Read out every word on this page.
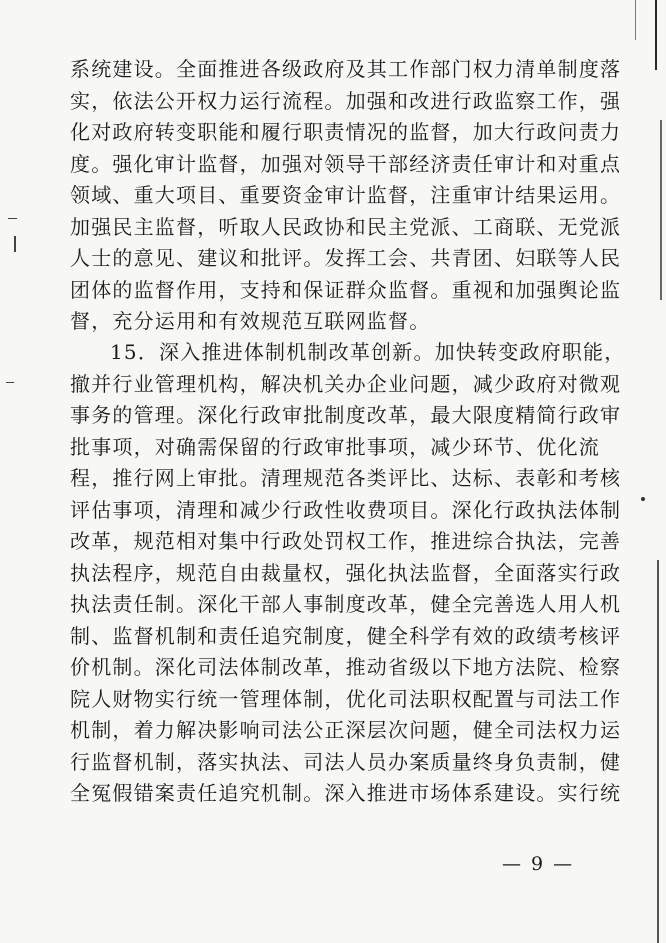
系统建设。全面推进各级政府及其工作部门权力清单制度落
实，依法公开权力运行流程。加强和改进行政监察工作，强
化对政府转变职能和履行职责情况的监督，加大行政问责力
度。强化审计监督，加强对领导干部经济责任审计和对重点
领域、重大项目、重要资金审计监督，注重审计结果运用。
加强民主监督，听取人民政协和民主党派、工商联、无党派
人士的意见、建议和批评。发挥工会、共青团、妇联等人民
团体的监督作用，支持和保证群众监督。重视和加强舆论监
督，充分运用和有效规范互联网监督。
15．深入推进体制机制改革创新。加快转变政府职能，
撤并行业管理机构，解决机关办企业问题，减少政府对微观
事务的管理。深化行政审批制度改革，最大限度精简行政审
批事项，对确需保留的行政审批事项，减少环节、优化流
程，推行网上审批。清理规范各类评比、达标、表彰和考核
评估事项，清理和减少行政性收费项目。深化行政执法体制
改革，规范相对集中行政处罚权工作，推进综合执法，完善
执法程序，规范自由裁量权，强化执法监督，全面落实行政
执法责任制。深化干部人事制度改革，健全完善选人用人机
制、监督机制和责任追究制度，健全科学有效的政绩考核评
价机制。深化司法体制改革，推动省级以下地方法院、检察
院人财物实行统一管理体制，优化司法职权配置与司法工作
机制，着力解决影响司法公正深层次问题，健全司法权力运
行监督机制，落实执法、司法人员办案质量终身负责制，健
全冤假错案责任追究机制。深入推进市场体系建设。实行统
— 9 —
